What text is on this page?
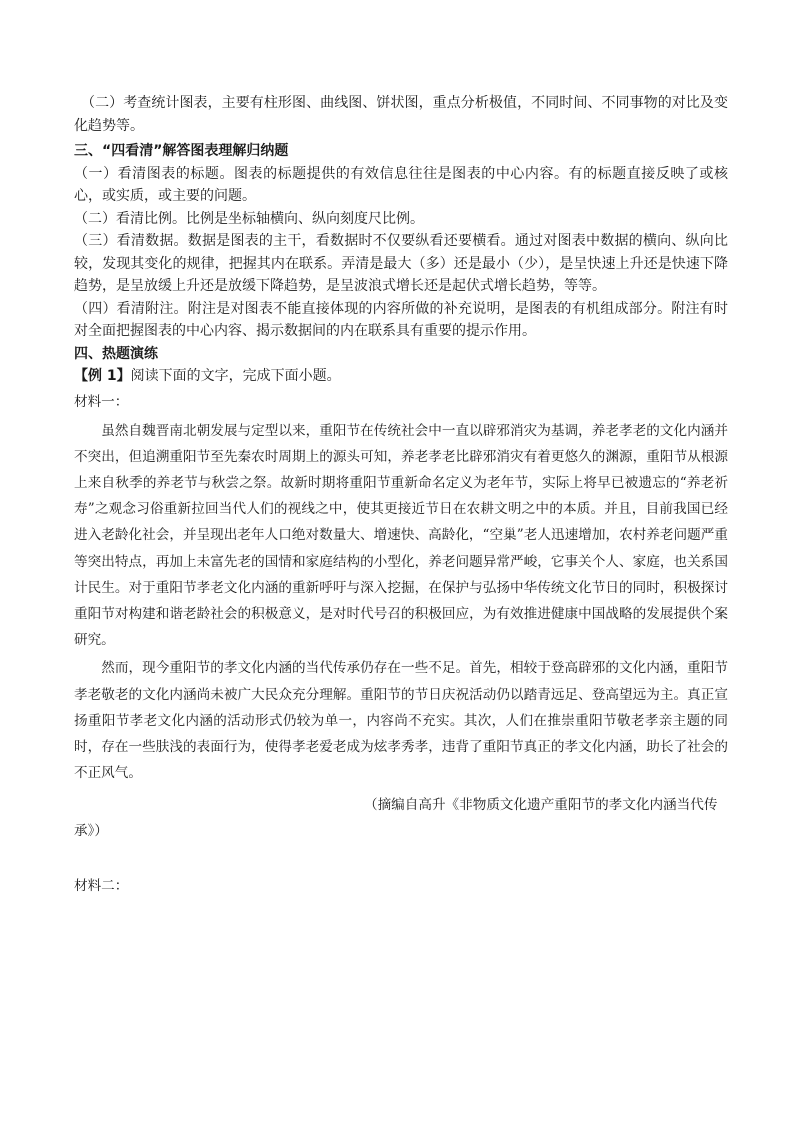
（二）考查统计图表，主要有柱形图、曲线图、饼状图，重点分析极值，不同时间、不同事物的对比及变化趋势等。

三、“四看清”解答图表理解归纳题

（一）看清图表的标题。图表的标题提供的有效信息往往是图表的中心内容。有的标题直接反映了或核心，或实质，或主要的问题。

（二）看清比例。比例是坐标轴横向、纵向刻度尺比例。

（三）看清数据。数据是图表的主干，看数据时不仅要纵看还要横看。通过对图表中数据的横向、纵向比较，发现其变化的规律，把握其内在联系。弄清是最大（多）还是最小（少），是呈快速上升还是快速下降趋势，是呈放缓上升还是放缓下降趋势，是呈波浪式增长还是起伏式增长趋势，等等。

（四）看清附注。附注是对图表不能直接体现的内容所做的补充说明，是图表的有机组成部分。附注有时对全面把握图表的中心内容、揭示数据间的内在联系具有重要的提示作用。

四、热题演练

【例 1】阅读下面的文字，完成下面小题。

材料一：

虽然自魏晋南北朝发展与定型以来，重阳节在传统社会中一直以辟邪消灾为基调，养老孝老的文化内涵并不突出，但追溯重阳节至先秦农时周期上的源头可知，养老孝老比辟邪消灾有着更悠久的渊源，重阳节从根源上来自秋季的养老节与秋尝之祭。故新时期将重阳节重新命名定义为老年节，实际上将早已被遗忘的“养老祈寿”之观念习俗重新拉回当代人们的视线之中，使其更接近节日在农耕文明之中的本质。并且，目前我国已经进入老龄化社会，并呈现出老年人口绝对数量大、增速快、高龄化，“空巢”老人迅速增加，农村养老问题严重等突出特点，再加上未富先老的国情和家庭结构的小型化，养老问题异常严峻，它事关个人、家庭，也关系国计民生。对于重阳节孝老文化内涵的重新呼吁与深入挖掘，在保护与弘扬中华传统文化节日的同时，积极探讨重阳节对构建和谐老龄社会的积极意义，是对时代号召的积极回应，为有效推进健康中国战略的发展提供个案研究。

然而，现今重阳节的孝文化内涵的当代传承仍存在一些不足。首先，相较于登高辟邪的文化内涵，重阳节孝老敬老的文化内涵尚未被广大民众充分理解。重阳节的节日庆祝活动仍以踏青远足、登高望远为主。真正宣扬重阳节孝老文化内涵的活动形式仍较为单一，内容尚不充实。其次，人们在推崇重阳节敬老孝亲主题的同时，存在一些肤浅的表面行为，使得孝老爱老成为炫孝秀孝，违背了重阳节真正的孝文化内涵，助长了社会的不正风气。

（摘编自高升《非物质文化遗产重阳节的孝文化内涵当代传

承》）

材料二：
